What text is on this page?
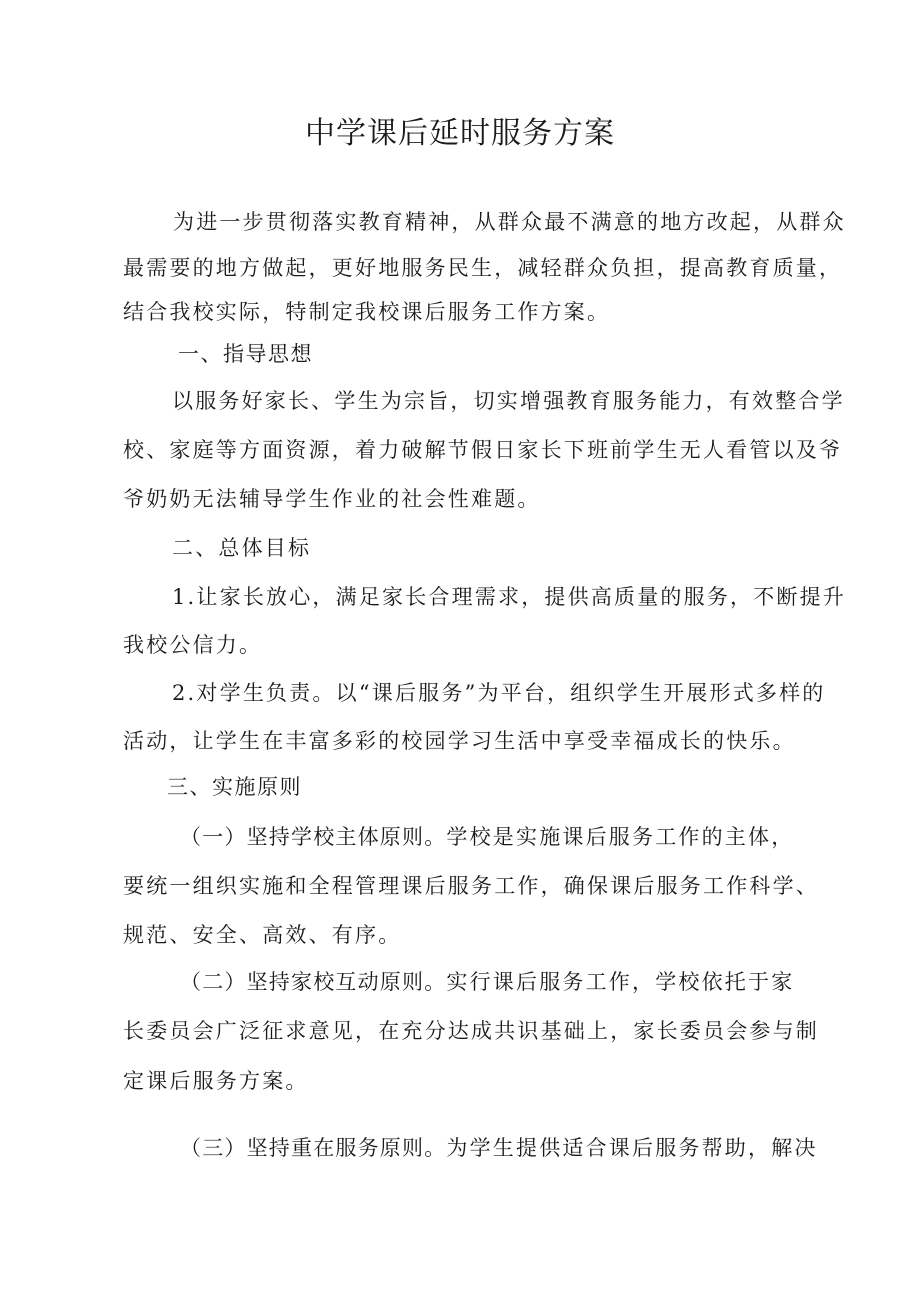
中学课后延时服务方案
为进一步贯彻落实教育精神，从群众最不满意的地方改起，从群众
最需要的地方做起，更好地服务民生，减轻群众负担，提高教育质量，
结合我校实际，特制定我校课后服务工作方案。
一、指导思想
以服务好家长、学生为宗旨，切实增强教育服务能力，有效整合学
校、家庭等方面资源，着力破解节假日家长下班前学生无人看管以及爷
爷奶奶无法辅导学生作业的社会性难题。
二、总体目标
1.让家长放心，满足家长合理需求，提供高质量的服务，不断提升
我校公信力。
2.对学生负责。以“课后服务”为平台，组织学生开展形式多样的
活动，让学生在丰富多彩的校园学习生活中享受幸福成长的快乐。
三、实施原则
（一）坚持学校主体原则。学校是实施课后服务工作的主体，
要统一组织实施和全程管理课后服务工作，确保课后服务工作科学、
规范、安全、高效、有序。
（二）坚持家校互动原则。实行课后服务工作，学校依托于家
长委员会广泛征求意见，在充分达成共识基础上，家长委员会参与制
定课后服务方案。
（三）坚持重在服务原则。为学生提供适合课后服务帮助，解决
